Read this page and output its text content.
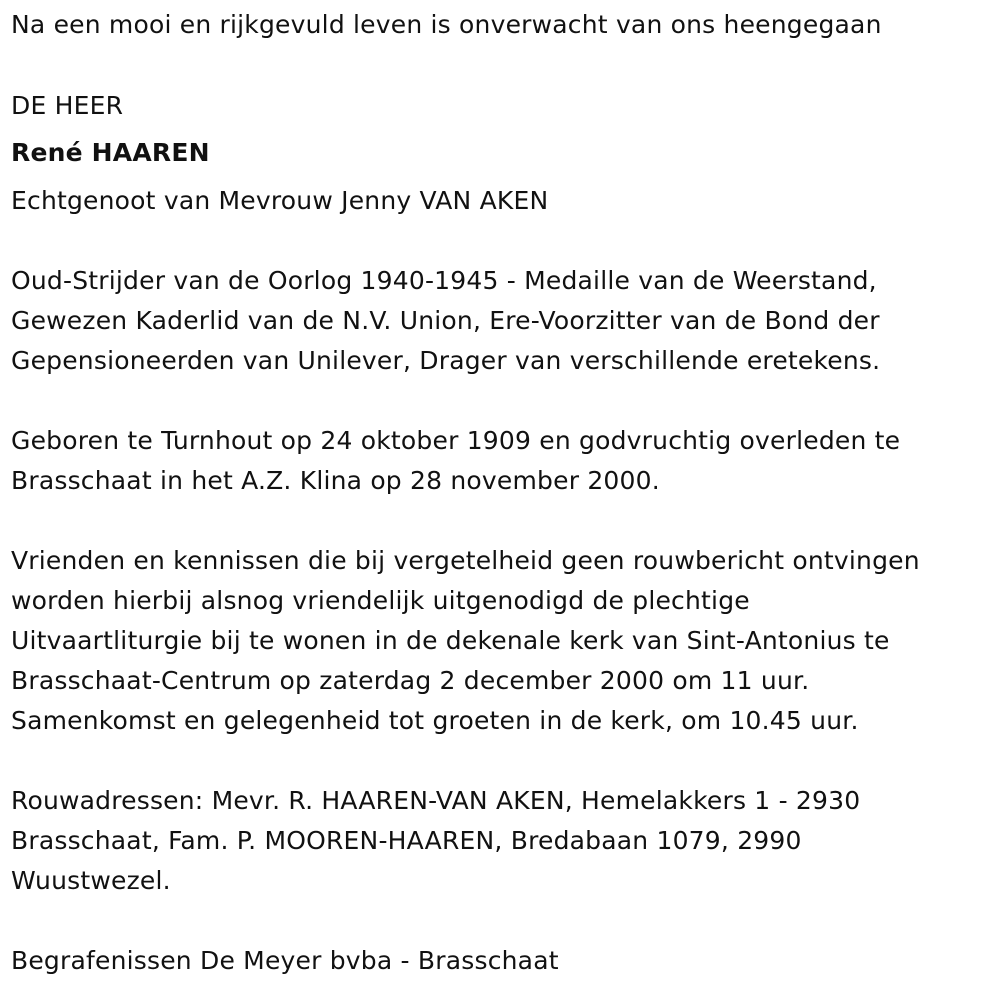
Na een mooi en rijkgevuld leven is onverwacht van ons heengegaan
DE HEER
René HAAREN
Echtgenoot van Mevrouw Jenny VAN AKEN
Oud-Strijder van de Oorlog 1940-1945 - Medaille van de Weerstand,
Gewezen Kaderlid van de N.V. Union, Ere-Voorzitter van de Bond der
Gepensioneerden van Unilever, Drager van verschillende eretekens.
Geboren te Turnhout op 24 oktober 1909 en godvruchtig overleden te
Brasschaat in het A.Z. Klina op 28 november 2000.
Vrienden en kennissen die bij vergetelheid geen rouwbericht ontvingen
worden hierbij alsnog vriendelijk uitgenodigd de plechtige
Uitvaartliturgie bij te wonen in de dekenale kerk van Sint-Antonius te
Brasschaat-Centrum op zaterdag 2 december 2000 om 11 uur.
Samenkomst en gelegenheid tot groeten in de kerk, om 10.45 uur.
Rouwadressen: Mevr. R. HAAREN-VAN AKEN, Hemelakkers 1 - 2930
Brasschaat, Fam. P. MOOREN-HAAREN, Bredabaan 1079, 2990
Wuustwezel.
Begrafenissen De Meyer bvba - Brasschaat
